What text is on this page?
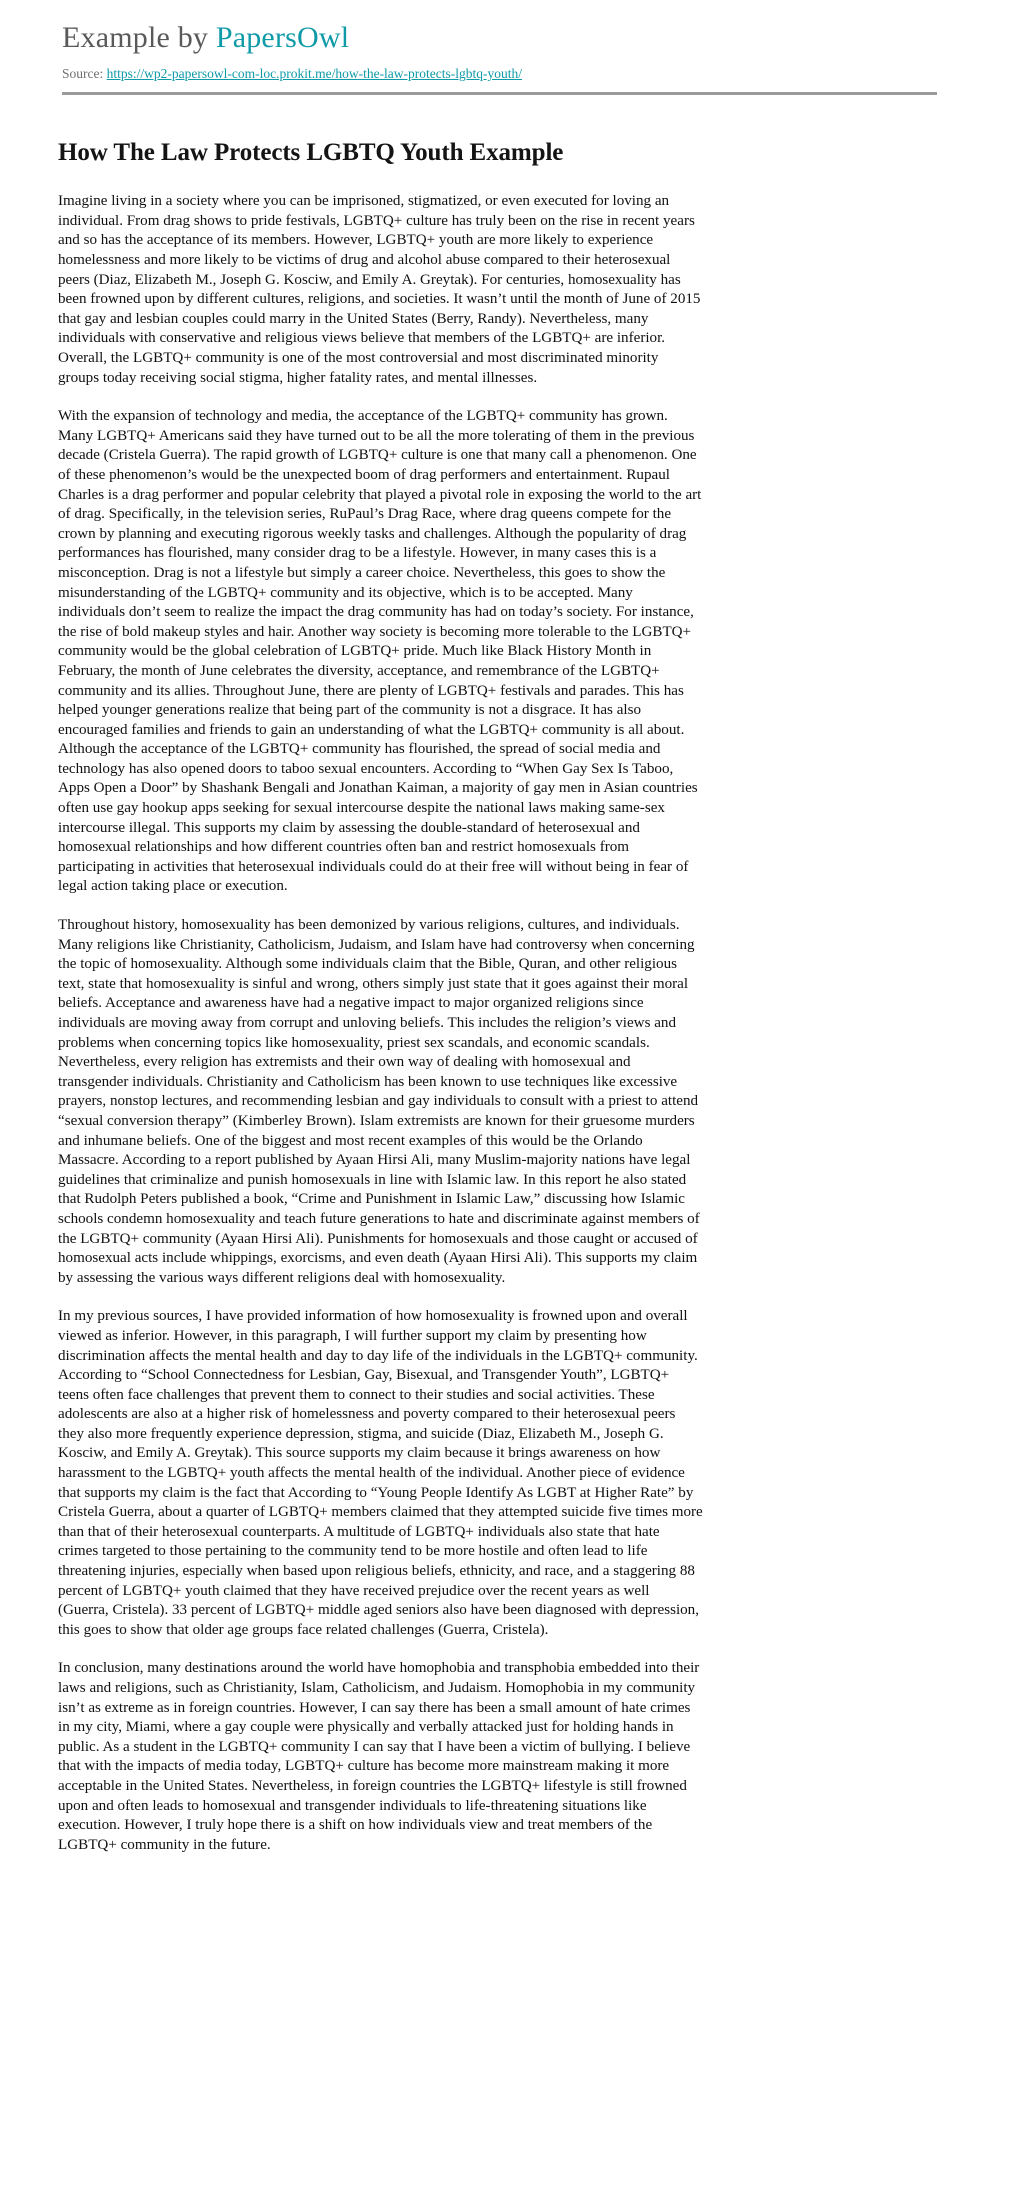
Example by PapersOwl
Source: https://wp2-papersowl-com-loc.prokit.me/how-the-law-protects-lgbtq-youth/
How The Law Protects LGBTQ Youth Example

Imagine living in a society where you can be imprisoned, stigmatized, or even executed for loving an individual. From drag shows to pride festivals, LGBTQ+ culture has truly been on the rise in recent years and so has the acceptance of its members. However, LGBTQ+ youth are more likely to experience homelessness and more likely to be victims of drug and alcohol abuse compared to their heterosexual peers (Diaz, Elizabeth M., Joseph G. Kosciw, and Emily A. Greytak). For centuries, homosexuality has been frowned upon by different cultures, religions, and societies. It wasn’t until the month of June of 2015 that gay and lesbian couples could marry in the United States (Berry, Randy). Nevertheless, many individuals with conservative and religious views believe that members of the LGBTQ+ are inferior. Overall, the LGBTQ+ community is one of the most controversial and most discriminated minority groups today receiving social stigma, higher fatality rates, and mental illnesses.

With the expansion of technology and media, the acceptance of the LGBTQ+ community has grown. Many LGBTQ+ Americans said they have turned out to be all the more tolerating of them in the previous decade (Cristela Guerra). The rapid growth of LGBTQ+ culture is one that many call a phenomenon. One of these phenomenon’s would be the unexpected boom of drag performers and entertainment. Rupaul Charles is a drag performer and popular celebrity that played a pivotal role in exposing the world to the art of drag. Specifically, in the television series, RuPaul’s Drag Race, where drag queens compete for the crown by planning and executing rigorous weekly tasks and challenges. Although the popularity of drag performances has flourished, many consider drag to be a lifestyle. However, in many cases this is a misconception. Drag is not a lifestyle but simply a career choice. Nevertheless, this goes to show the misunderstanding of the LGBTQ+ community and its objective, which is to be accepted. Many individuals don’t seem to realize the impact the drag community has had on today’s society. For instance, the rise of bold makeup styles and hair. Another way society is becoming more tolerable to the LGBTQ+ community would be the global celebration of LGBTQ+ pride. Much like Black History Month in February, the month of June celebrates the diversity, acceptance, and remembrance of the LGBTQ+ community and its allies. Throughout June, there are plenty of LGBTQ+ festivals and parades. This has helped younger generations realize that being part of the community is not a disgrace. It has also encouraged families and friends to gain an understanding of what the LGBTQ+ community is all about. Although the acceptance of the LGBTQ+ community has flourished, the spread of social media and technology has also opened doors to taboo sexual encounters. According to “When Gay Sex Is Taboo, Apps Open a Door” by Shashank Bengali and Jonathan Kaiman, a majority of gay men in Asian countries often use gay hookup apps seeking for sexual intercourse despite the national laws making same-sex intercourse illegal. This supports my claim by assessing the double-standard of heterosexual and homosexual relationships and how different countries often ban and restrict homosexuals from participating in activities that heterosexual individuals could do at their free will without being in fear of legal action taking place or execution.

Throughout history, homosexuality has been demonized by various religions, cultures, and individuals. Many religions like Christianity, Catholicism, Judaism, and Islam have had controversy when concerning the topic of homosexuality. Although some individuals claim that the Bible, Quran, and other religious text, state that homosexuality is sinful and wrong, others simply just state that it goes against their moral beliefs. Acceptance and awareness have had a negative impact to major organized religions since individuals are moving away from corrupt and unloving beliefs. This includes the religion’s views and problems when concerning topics like homosexuality, priest sex scandals, and economic scandals. Nevertheless, every religion has extremists and their own way of dealing with homosexual and transgender individuals. Christianity and Catholicism has been known to use techniques like excessive prayers, nonstop lectures, and recommending lesbian and gay individuals to consult with a priest to attend “sexual conversion therapy” (Kimberley Brown). Islam extremists are known for their gruesome murders and inhumane beliefs. One of the biggest and most recent examples of this would be the Orlando Massacre. According to a report published by Ayaan Hirsi Ali, many Muslim-majority nations have legal guidelines that criminalize and punish homosexuals in line with Islamic law. In this report he also stated that Rudolph Peters published a book, “Crime and Punishment in Islamic Law,” discussing how Islamic schools condemn homosexuality and teach future generations to hate and discriminate against members of the LGBTQ+ community (Ayaan Hirsi Ali). Punishments for homosexuals and those caught or accused of homosexual acts include whippings, exorcisms, and even death (Ayaan Hirsi Ali). This supports my claim by assessing the various ways different religions deal with homosexuality.

In my previous sources, I have provided information of how homosexuality is frowned upon and overall viewed as inferior. However, in this paragraph, I will further support my claim by presenting how discrimination affects the mental health and day to day life of the individuals in the LGBTQ+ community. According to “School Connectedness for Lesbian, Gay, Bisexual, and Transgender Youth”, LGBTQ+ teens often face challenges that prevent them to connect to their studies and social activities. These adolescents are also at a higher risk of homelessness and poverty compared to their heterosexual peers they also more frequently experience depression, stigma, and suicide (Diaz, Elizabeth M., Joseph G. Kosciw, and Emily A. Greytak). This source supports my claim because it brings awareness on how harassment to the LGBTQ+ youth affects the mental health of the individual. Another piece of evidence that supports my claim is the fact that According to “Young People Identify As LGBT at Higher Rate” by Cristela Guerra, about a quarter of LGBTQ+ members claimed that they attempted suicide five times more than that of their heterosexual counterparts. A multitude of LGBTQ+ individuals also state that hate crimes targeted to those pertaining to the community tend to be more hostile and often lead to life threatening injuries, especially when based upon religious beliefs, ethnicity, and race, and a staggering 88 percent of LGBTQ+ youth claimed that they have received prejudice over the recent years as well (Guerra, Cristela). 33 percent of LGBTQ+ middle aged seniors also have been diagnosed with depression, this goes to show that older age groups face related challenges (Guerra, Cristela).

In conclusion, many destinations around the world have homophobia and transphobia embedded into their laws and religions, such as Christianity, Islam, Catholicism, and Judaism. Homophobia in my community isn’t as extreme as in foreign countries. However, I can say there has been a small amount of hate crimes in my city, Miami, where a gay couple were physically and verbally attacked just for holding hands in public. As a student in the LGBTQ+ community I can say that I have been a victim of bullying. I believe that with the impacts of media today, LGBTQ+ culture has become more mainstream making it more acceptable in the United States. Nevertheless, in foreign countries the LGBTQ+ lifestyle is still frowned upon and often leads to homosexual and transgender individuals to life-threatening situations like execution. However, I truly hope there is a shift on how individuals view and treat members of the LGBTQ+ community in the future.
